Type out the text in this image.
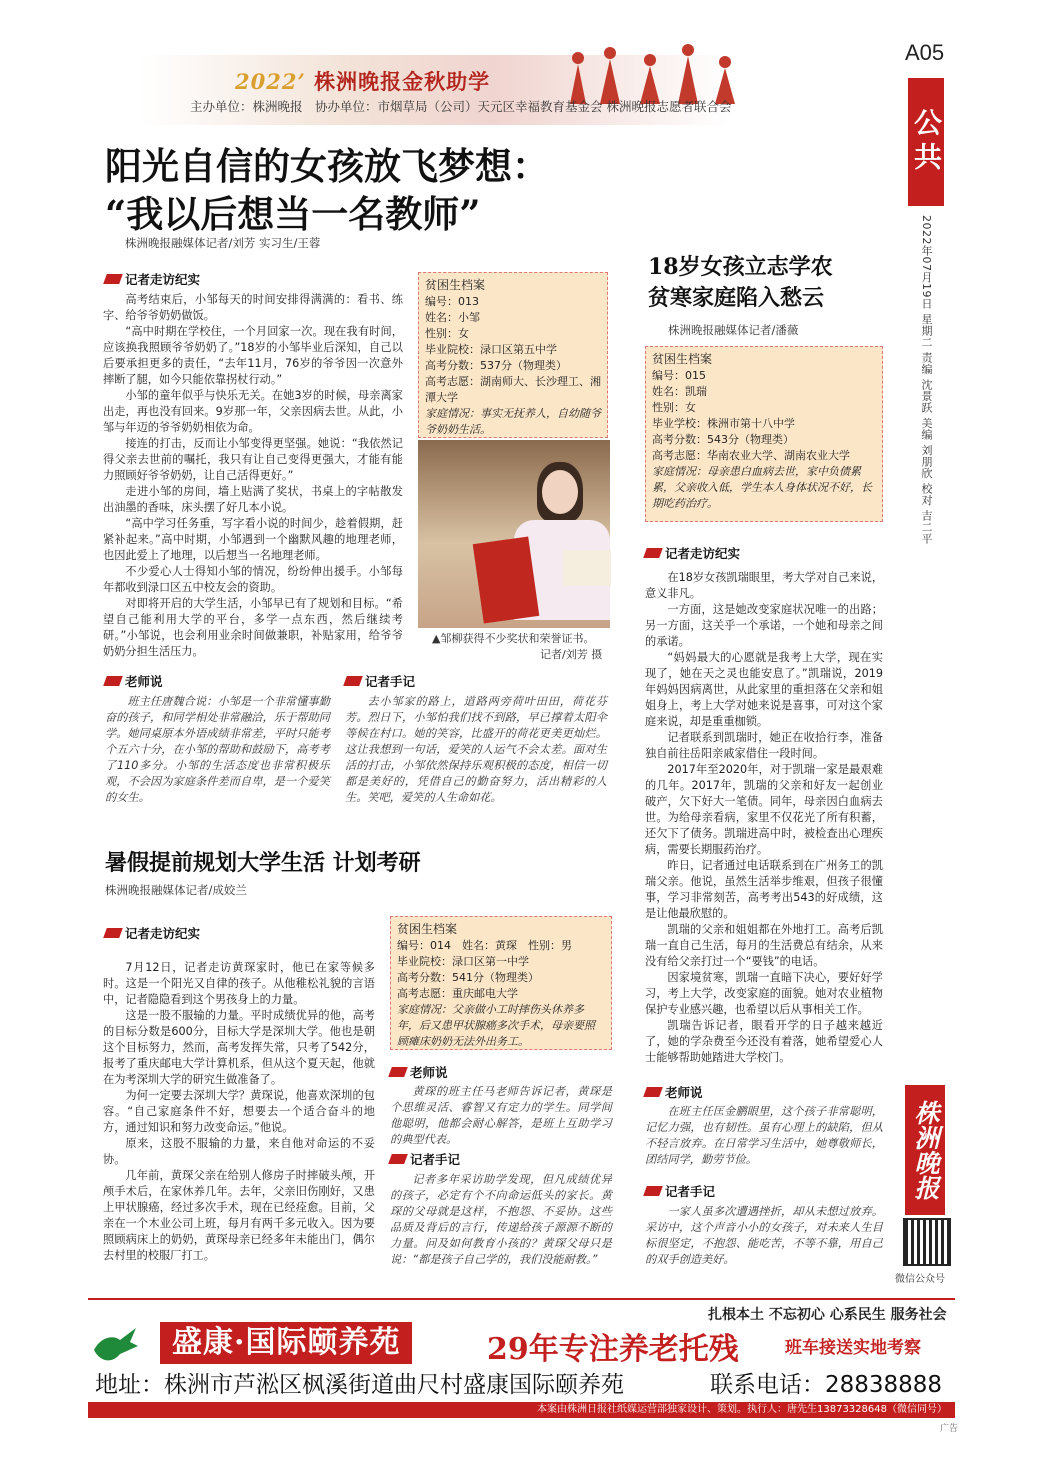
2022’ 株洲晚报金秋助学
主办单位：株洲晚报　协办单位：市烟草局（公司）天元区幸福教育基金会 株洲晚报志愿者联合会
A05
公共
2022年07月19日 星期二 责编 沈景跃 美编 刘朋欣 校对 吉二平
株洲晚报
微信公众号
阳光自信的女孩放飞梦想：
“我以后想当一名教师”
株洲晚报融媒体记者/刘芳 实习生/王蓉
记者走访纪实

高考结束后，小邹每天的时间安排得满满的：看书、练字、给爷爷奶奶做饭。

“高中时期在学校住，一个月回家一次。现在我有时间，应该换我照顾爷爷奶奶了。”18岁的小邹毕业后深知，自己以后要承担更多的责任，“去年11月，76岁的爷爷因一次意外摔断了腿，如今只能依靠拐杖行动。”

小邹的童年似乎与快乐无关。在她3岁的时候，母亲离家出走，再也没有回来。9岁那一年，父亲因病去世。从此，小邹与年迈的爷爷奶奶相依为命。

接连的打击，反而让小邹变得更坚强。她说：“我依然记得父亲去世前的嘱托，我只有让自己变得更强大，才能有能力照顾好爷爷奶奶，让自己活得更好。”

走进小邹的房间，墙上贴满了奖状，书桌上的字帖散发出油墨的香味，床头摆了好几本小说。

“高中学习任务重，写字看小说的时间少，趁着假期，赶紧补起来。”高中时期，小邹遇到一个幽默风趣的地理老师，也因此爱上了地理，以后想当一名地理老师。

不少爱心人士得知小邹的情况，纷纷伸出援手。小邹每年都收到渌口区五中校友会的资助。

对即将开启的大学生活，小邹早已有了规划和目标。“希望自己能利用大学的平台，多学一点东西，然后继续考研。”小邹说，也会利用业余时间做兼职，补贴家用，给爷爷奶奶分担生活压力。

贫困生档案
编号：013
姓名：小邹
性别：女
毕业院校：渌口区第五中学
高考分数：537分（物理类）
高考志愿：湖南师大、长沙理工、湘潭大学
家庭情况：事实无抚养人，自幼随爷爷奶奶生活。
▲邹柳获得不少奖状和荣誉证书。
记者/刘芳 摄
老师说

班主任唐魏合说：小邹是一个非常懂事勤奋的孩子，和同学相处非常融洽，乐于帮助同学。她同桌原本外语成绩非常差，平时只能考个五六十分，在小邹的帮助和鼓励下，高考考了110多分。小邹的生活态度也非常积极乐观，不会因为家庭条件差而自卑，是一个爱笑的女生。

记者手记

去小邹家的路上，道路两旁荷叶田田，荷花芬芳。烈日下，小邹怕我们找不到路，早已撑着太阳伞等候在村口。她的笑容，比盛开的荷花更美更灿烂。这让我想到一句话，爱笑的人运气不会太差。面对生活的打击，小邹依然保持乐观积极的态度，相信一切都是美好的，凭借自己的勤奋努力，活出精彩的人生。笑吧，爱笑的人生命如花。

暑假提前规划大学生活 计划考研
株洲晚报融媒体记者/成姣兰
记者走访纪实

7月12日，记者走访黄琛家时，他已在家等候多时。这是一个阳光又自律的孩子。从他稚松礼貌的言语中，记者隐隐看到这个男孩身上的力量。

这是一股不服输的力量。平时成绩优异的他，高考的目标分数是600分，目标大学是深圳大学。他也是朝这个目标努力，然而，高考发挥失常，只考了542分，报考了重庆邮电大学计算机系，但从这个夏天起，他就在为考深圳大学的研究生做准备了。

为何一定要去深圳大学？黄琛说，他喜欢深圳的包容。“自己家庭条件不好，想要去一个适合奋斗的地方，通过知识和努力改变命运。”他说。

原来，这股不服输的力量，来自他对命运的不妥协。

几年前，黄琛父亲在给别人修房子时摔破头颅，开颅手术后，在家休养几年。去年，父亲旧伤刚好，又患上甲状腺癌，经过多次手术，现在已经痊愈。目前，父亲在一个木业公司上班，每月有两千多元收入。因为要照顾病床上的奶奶，黄琛母亲已经多年未能出门，偶尔去村里的校服厂打工。

贫困生档案
编号：014　姓名：黄琛　性别：男
毕业院校：渌口区第一中学
高考分数：541分（物理类）
高考志愿：重庆邮电大学
家庭情况：父亲做小工时摔伤头休养多年，后又患甲状腺癌多次手术，母亲要照顾瘫床奶奶无法外出务工。
老师说

黄琛的班主任马老师告诉记者，黄琛是个思维灵活、睿智又有定力的学生。同学间他聪明，他都会耐心解答，是班上互助学习的典型代表。

记者手记

记者多年采访助学发现，但凡成绩优异的孩子，必定有个不向命运低头的家长。黄琛的父母就是这样，不抱怨、不妥协。这些品质及背后的言行，传递给孩子源源不断的力量。问及如何教育小孩的？黄琛父母只是说：“都是孩子自己学的，我们没能耐教。”

18岁女孩立志学农
贫寒家庭陷入愁云
株洲晚报融媒体记者/潘薇
贫困生档案
编号：015
姓名：凯瑞
性别：女
毕业学校：株洲市第十八中学
高考分数：543分（物理类）
高考志愿：华南农业大学、湖南农业大学
家庭情况：母亲患白血病去世，家中负债累累，父亲收入低，学生本人身体状况不好，长期吃药治疗。
记者走访纪实

在18岁女孩凯瑞眼里，考大学对自己来说，意义非凡。

一方面，这是她改变家庭状况唯一的出路；另一方面，这关乎一个承诺，一个她和母亲之间的承诺。

“妈妈最大的心愿就是我考上大学，现在实现了，她在天之灵也能安息了。”凯瑞说，2019年妈妈因病离世，从此家里的重担落在父亲和姐姐身上，考上大学对她来说是喜事，可对这个家庭来说，却是重重枷锁。

记者联系到凯瑞时，她正在收拾行李，准备独自前往岳阳亲戚家借住一段时间。

2017年至2020年，对于凯瑞一家是最艰难的几年。2017年，凯瑞的父亲和好友一起创业破产，欠下好大一笔债。同年，母亲因白血病去世。为给母亲看病，家里不仅花光了所有积蓄，还欠下了债务。凯瑞进高中时，被检查出心理疾病，需要长期服药治疗。

昨日，记者通过电话联系到在广州务工的凯瑞父亲。他说，虽然生活举步维艰，但孩子很懂事，学习非常刻苦，高考考出543的好成绩，这是让他最欣慰的。

凯瑞的父亲和姐姐都在外地打工。高考后凯瑞一直自己生活，每月的生活费总有结余，从来没有给父亲打过一个“要钱”的电话。

因家境贫寒，凯瑞一直暗下决心，要好好学习，考上大学，改变家庭的面貌。她对农业植物保护专业感兴趣，也希望以后从事相关工作。

凯瑞告诉记者，眼看开学的日子越来越近了，她的学杂费至今还没有着落，她希望爱心人士能够帮助她踏进大学校门。

老师说

在班主任匡金鹏眼里，这个孩子非常聪明，记忆力强，也有韧性。虽有心理上的缺陷，但从不轻言放弃。在日常学习生活中，她尊敬师长，团结同学，勤劳节俭。

记者手记

一家人虽多次遭遇挫折，却从未想过放弃。采访中，这个声音小小的女孩子，对未来人生目标很坚定，不抱怨、能吃苦，不等不靠，用自己的双手创造美好。

扎根本土 不忘初心 心系民生 服务社会
盛康·国际颐养苑	29年专注养老托残	班车接送实地考察
地址：株洲市芦淞区枫溪街道曲尺村盛康国际颐养苑	联系电话：28838888
本案由株洲日报社纸媒运营部独家设计、策划。执行人：唐先生13873328648（微信同号）
广告
